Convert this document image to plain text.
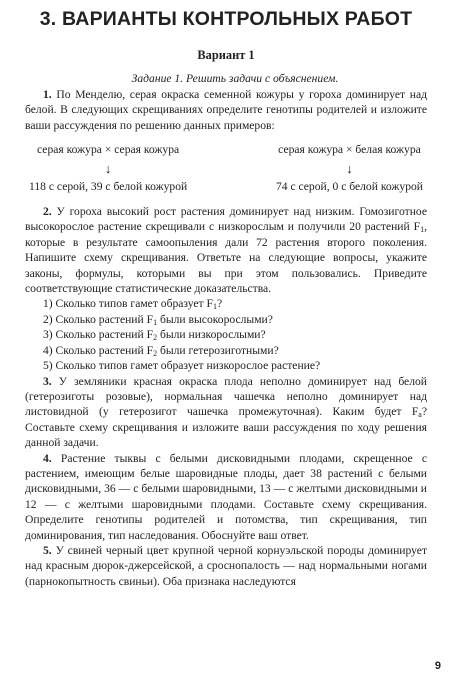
3. ВАРИАНТЫ КОНТРОЛЬНЫХ РАБОТ
Вариант 1

Задание 1. Решить задачи с объяснением.

1. По Менделю, серая окраска семенной кожуры у гороха доминирует над белой. В следующих скрещиваниях определите генотипы родителей и изложите ваши рассуждения по решению данных примеров:

серая кожура × серая кожура
↓
118 с серой, 39 с белой кожурой
серая кожура × белая кожура
↓
74 с серой, 0 с белой кожурой

2. У гороха высокий рост растения доминирует над низким. Гомозиготное высокорослое растение скрещивали с низкорослым и получили 20 растений $F_1$, которые в результате самоопыления дали 72 растения второго поколения. Напишите схему скрещивания. Ответьте на следующие вопросы, укажите законы, формулы, которыми вы при этом пользовались. Приведите соответствующие статистические доказательства.

1) Сколько типов гамет образует $F_1$?
2) Сколько растений $F_1$ были высокорослыми?
3) Сколько растений $F_2$ были низкорослыми?
4) Сколько растений $F_2$ были гетерозиготными?
5) Сколько типов гамет образует низкорослое растение?

3. У земляники красная окраска плода неполно доминирует над белой (гетерозиготы розовые), нормальная чашечка неполно доминирует над листовидной (у гетерозигот чашечка промежуточная). Каким будет $F_а$? Составьте схему скрещивания и изложите ваши рассуждения по ходу решения данной задачи.

4. Растение тыквы с белыми дисковидными плодами, скрещенное с растением, имеющим белые шаровидные плоды, дает 38 растений с белыми дисковидными, 36 — с белыми шаровидными, 13 — с желтыми дисковидными и 12 — с желтыми шаровидными плодами. Составьте схему скрещивания. Определите генотипы родителей и потомства, тип скрещивания, тип доминирования, тип наследования. Обоснуйте ваш ответ.

5. У свиней черный цвет крупной черной корнуэльской породы доминирует над красным дюрок-джерсейской, а сроснопалость — над нормальными ногами (парнокопытность свиньи). Оба признака наследуются

9
